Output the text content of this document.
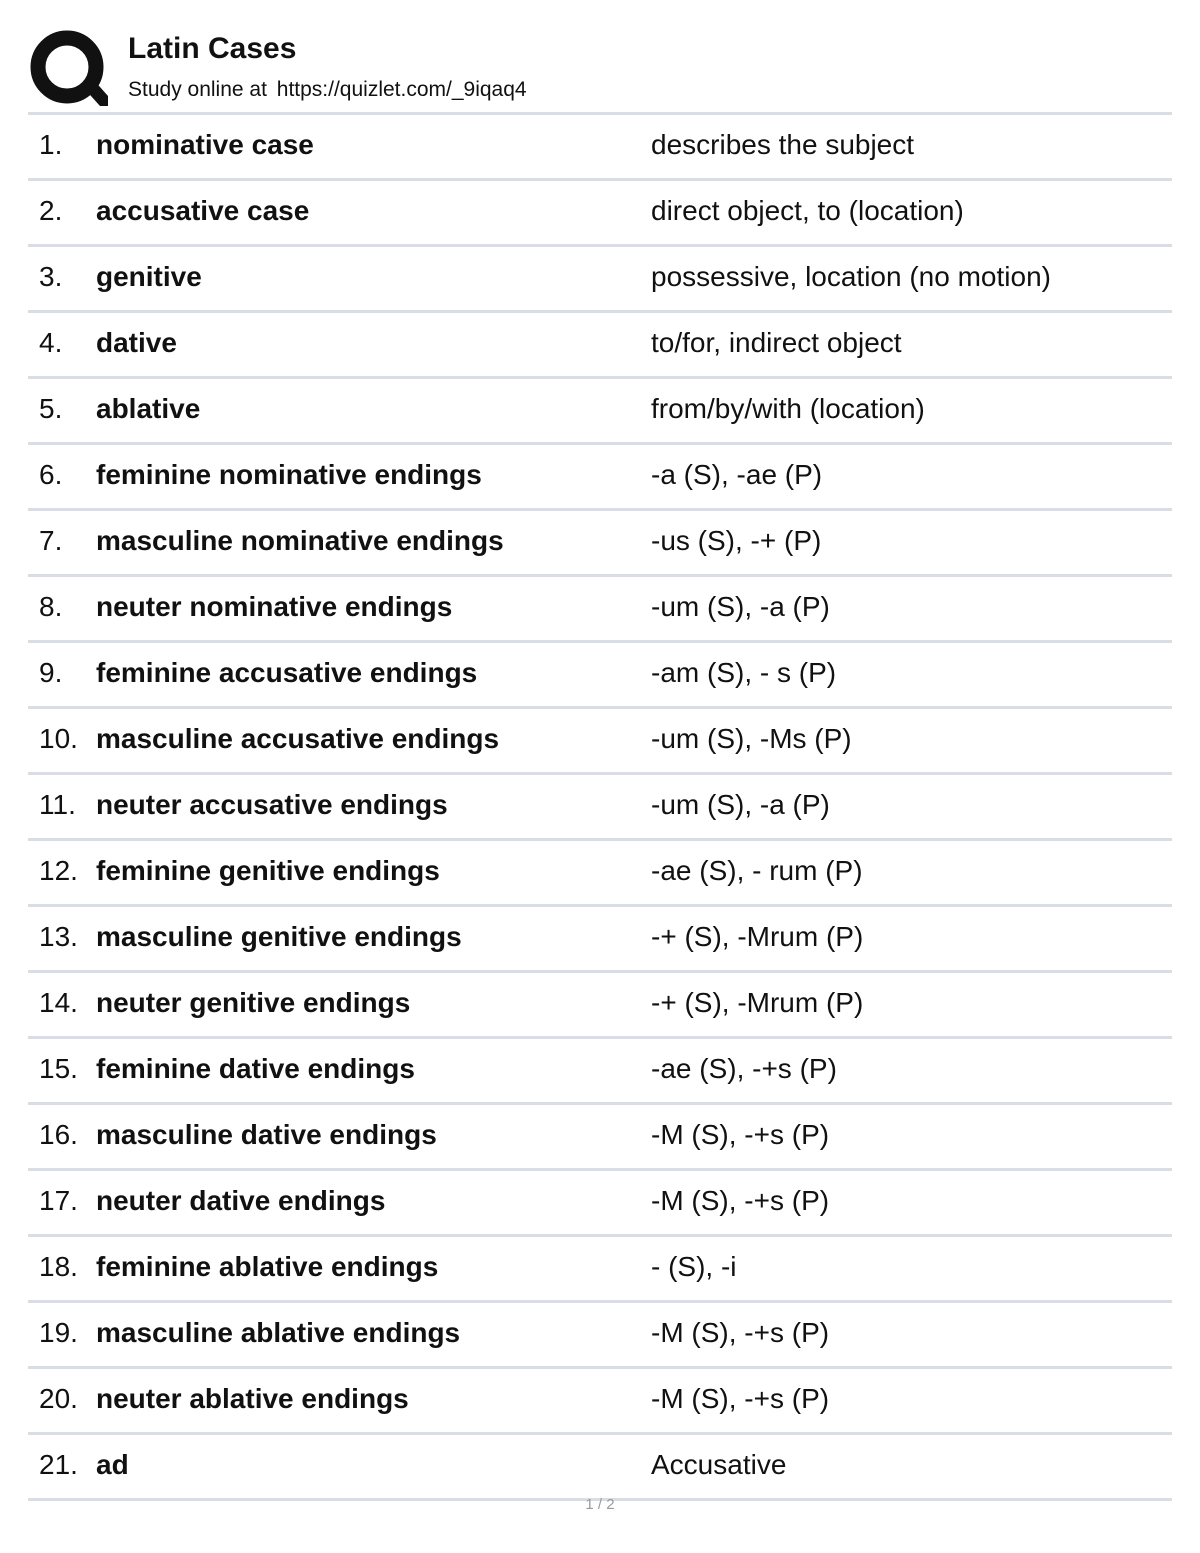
Latin Cases
Study online at https://quizlet.com/_9iqaq4
1. nominative case	describes the subject
2. accusative case	direct object, to (location)
3. genitive	possessive, location (no motion)
4. dative	to/for, indirect object
5. ablative	from/by/with (location)
6. feminine nominative endings	-a (S), -ae (P)
7. masculine nominative endings	-us (S), -+ (P)
8. neuter nominative endings	-um (S), -a (P)
9. feminine accusative endings	-am (S), - s (P)
10. masculine accusative endings	-um (S), -Ms (P)
11. neuter accusative endings	-um (S), -a (P)
12. feminine genitive endings	-ae (S), - rum (P)
13. masculine genitive endings	-+ (S), -Mrum (P)
14. neuter genitive endings	-+ (S), -Mrum (P)
15. feminine dative endings	-ae (S), -+s (P)
16. masculine dative endings	-M (S), -+s (P)
17. neuter dative endings	-M (S), -+s (P)
18. feminine ablative endings	- (S), -i
19. masculine ablative endings	-M (S), -+s (P)
20. neuter ablative endings	-M (S), -+s (P)
21. ad	Accusative
1 / 2
